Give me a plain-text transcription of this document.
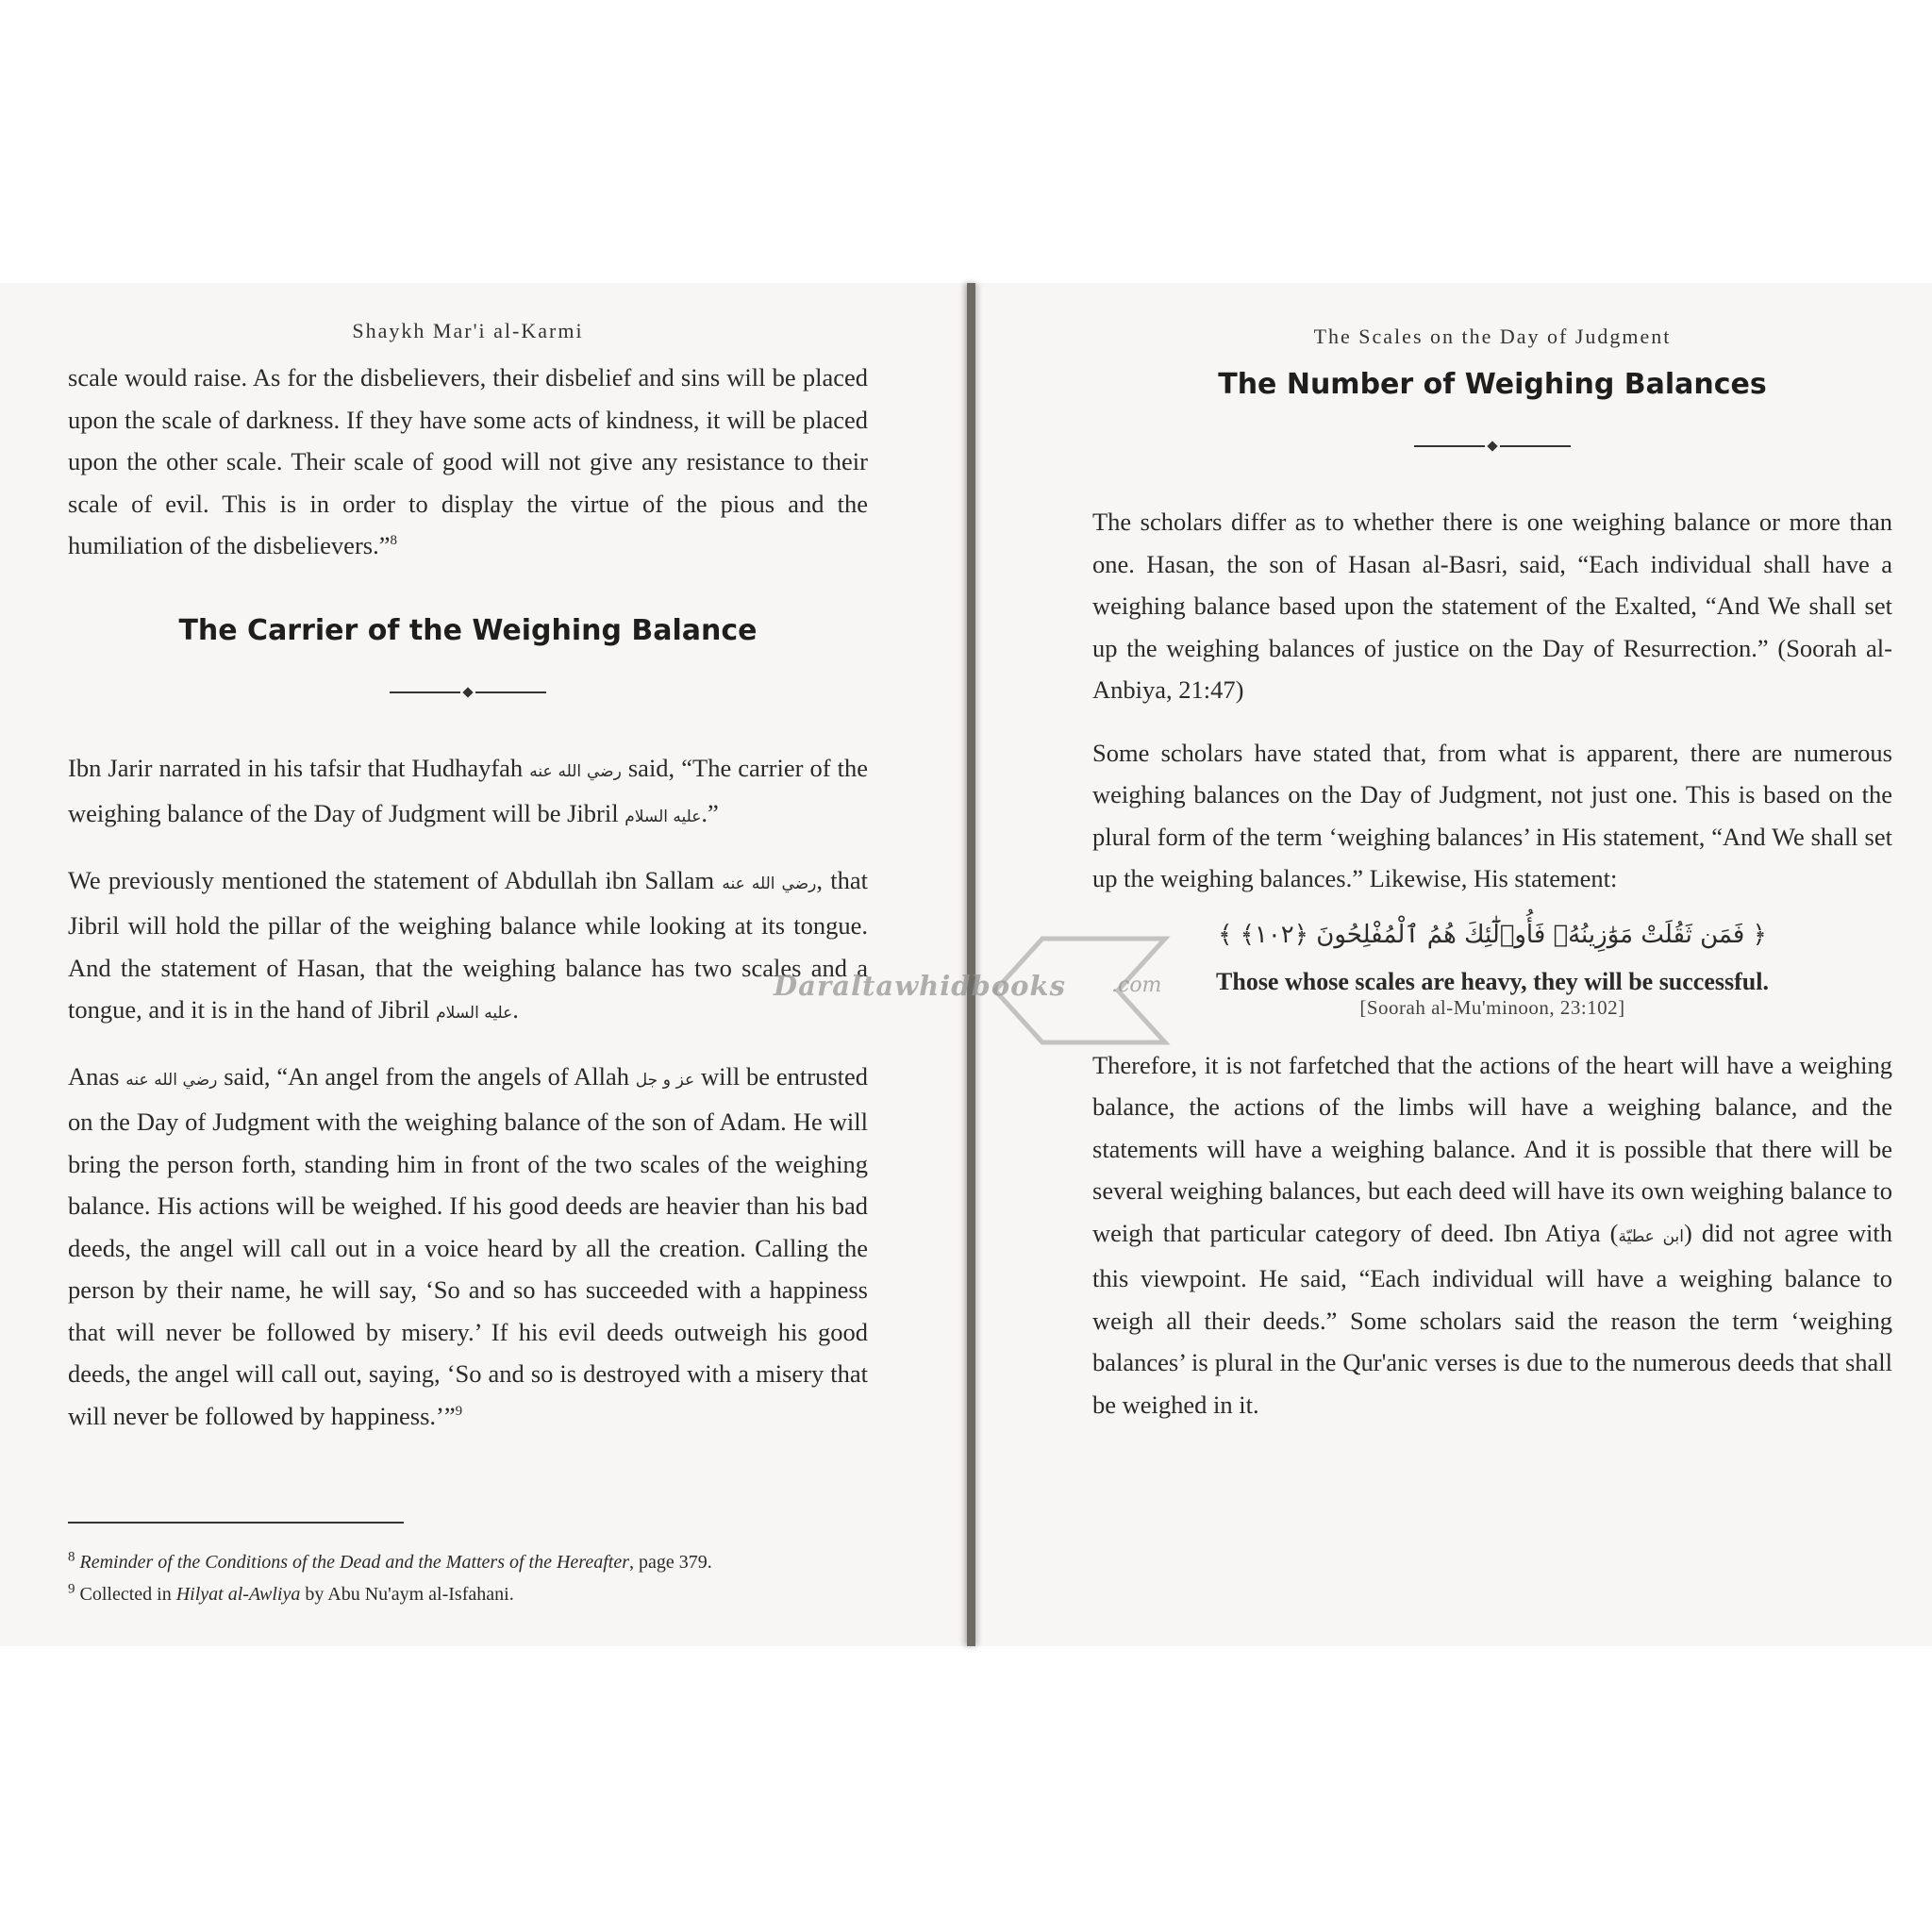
Shaykh Mar'i al-Karmi

scale would raise. As for the disbelievers, their disbelief and sins will be placed upon the scale of darkness. If they have some acts of kindness, it will be placed upon the other scale. Their scale of good will not give any resistance to their scale of evil. This is in order to display the virtue of the pious and the humiliation of the disbelievers.”$^8$

The Carrier of the Weighing Balance

Ibn Jarir narrated in his tafsir that Hudhayfah رضي الله عنه said, “The carrier of the weighing balance of the Day of Judgment will be Jibril عليه السلام.”

We previously mentioned the statement of Abdullah ibn Sallam رضي الله عنه, that Jibril will hold the pillar of the weighing balance while looking at its tongue. And the statement of Hasan, that the weighing balance has two scales and a tongue, and it is in the hand of Jibril عليه السلام.

Anas رضي الله عنه said, “An angel from the angels of Allah عز و جل will be entrusted on the Day of Judgment with the weighing balance of the son of Adam. He will bring the person forth, standing him in front of the two scales of the weighing balance. His actions will be weighed. If his good deeds are heavier than his bad deeds, the angel will call out in a voice heard by all the creation. Calling the person by their name, he will say, ‘So and so has succeeded with a happiness that will never be followed by misery.’ If his evil deeds outweigh his good deeds, the angel will call out, saying, ‘So and so is destroyed with a misery that will never be followed by happiness.’”$^9$

$^8$ Reminder of the Conditions of the Dead and the Matters of the Hereafter, page 379.

$^9$ Collected in Hilyat al-Awliya by Abu Nu'aym al-Isfahani.

The Scales on the Day of Judgment
The Number of Weighing Balances

The scholars differ as to whether there is one weighing balance or more than one. Hasan, the son of Hasan al-Basri, said, “Each individual shall have a weighing balance based upon the statement of the Exalted, “And We shall set up the weighing balances of justice on the Day of Resurrection.” (Soorah al-Anbiya, 21:47)

Some scholars have stated that, from what is apparent, there are numerous weighing balances on the Day of Judgment, not just one. This is based on the plural form of the term ‘weighing balances’ in His statement, “And We shall set up the weighing balances.” Likewise, His statement:

﴿ فَمَن ثَقُلَتْ مَوَٰزِينُهُۥ فَأُو۟لَٰٓئِكَ هُمُ ٱلْمُفْلِحُونَ ﴿١٠٢﴾ ﴾

Those whose scales are heavy, they will be successful.

[Soorah al-Mu'minoon, 23:102]

Therefore, it is not farfetched that the actions of the heart will have a weighing balance, the actions of the limbs will have a weighing balance, and the statements will have a weighing balance. And it is possible that there will be several weighing balances, but each deed will have its own weighing balance to weigh that particular category of deed. Ibn Atiya (ابن عطيّة) did not agree with this viewpoint. He said, “Each individual will have a weighing balance to weigh all their deeds.” Some scholars said the reason the term ‘weighing balances’ is plural in the Qur'anic verses is due to the numerous deeds that shall be weighed in it.

Daraltawhidbooks .com
